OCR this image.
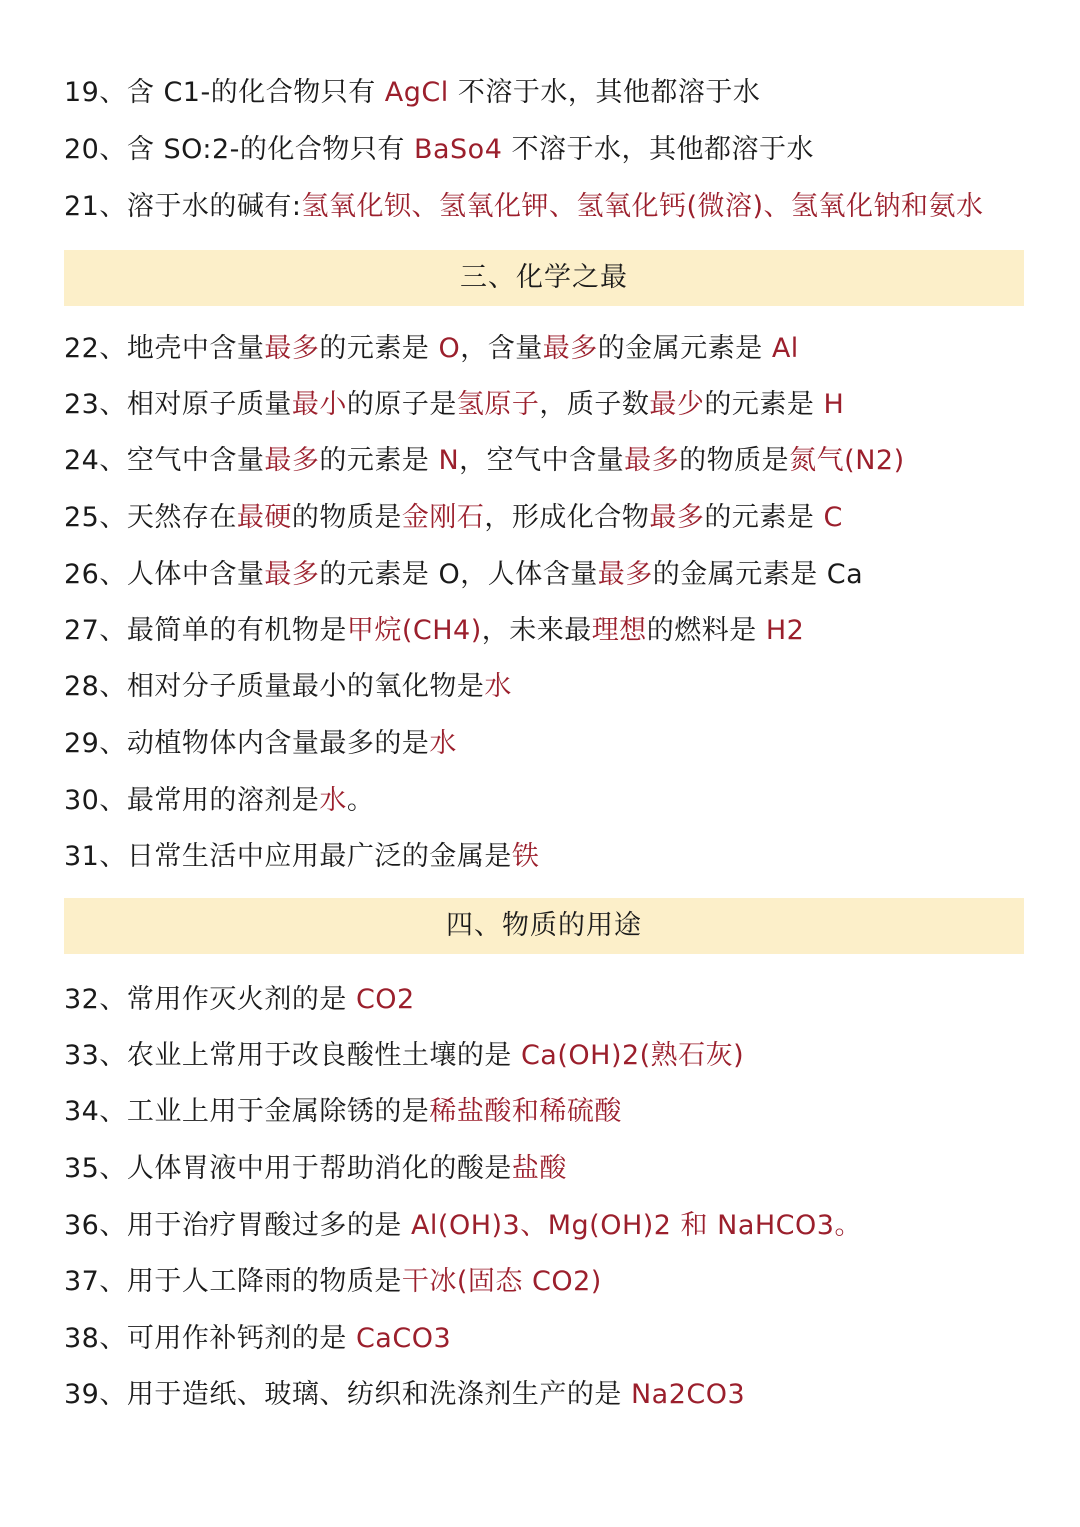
三、化学之最
四、物质的用途
19、含 C1-的化合物只有 AgCl 不溶于水，其他都溶于水
20、含 SO:2-的化合物只有 BaSo4 不溶于水，其他都溶于水
21、溶于水的碱有:氢氧化钡、氢氧化钾、氢氧化钙(微溶)、氢氧化钠和氨水
22、地壳中含量最多的元素是 O，含量最多的金属元素是 Al
23、相对原子质量最小的原子是氢原子，质子数最少的元素是 H
24、空气中含量最多的元素是 N，空气中含量最多的物质是氮气(N2)
25、天然存在最硬的物质是金刚石，形成化合物最多的元素是 C
26、人体中含量最多的元素是 O，人体含量最多的金属元素是 Ca
27、最简单的有机物是甲烷(CH4)，未来最理想的燃料是 H2
28、相对分子质量最小的氧化物是水
29、动植物体内含量最多的是水
30、最常用的溶剂是水。
31、日常生活中应用最广泛的金属是铁
32、常用作灭火剂的是 CO2
33、农业上常用于改良酸性土壤的是 Ca(OH)2(熟石灰)
34、工业上用于金属除锈的是稀盐酸和稀硫酸
35、人体胃液中用于帮助消化的酸是盐酸
36、用于治疗胃酸过多的是 Al(OH)3、Mg(OH)2 和 NaHCO3。
37、用于人工降雨的物质是干冰(固态 CO2)
38、可用作补钙剂的是 CaCO3
39、用于造纸、玻璃、纺织和洗涤剂生产的是 Na2CO3
